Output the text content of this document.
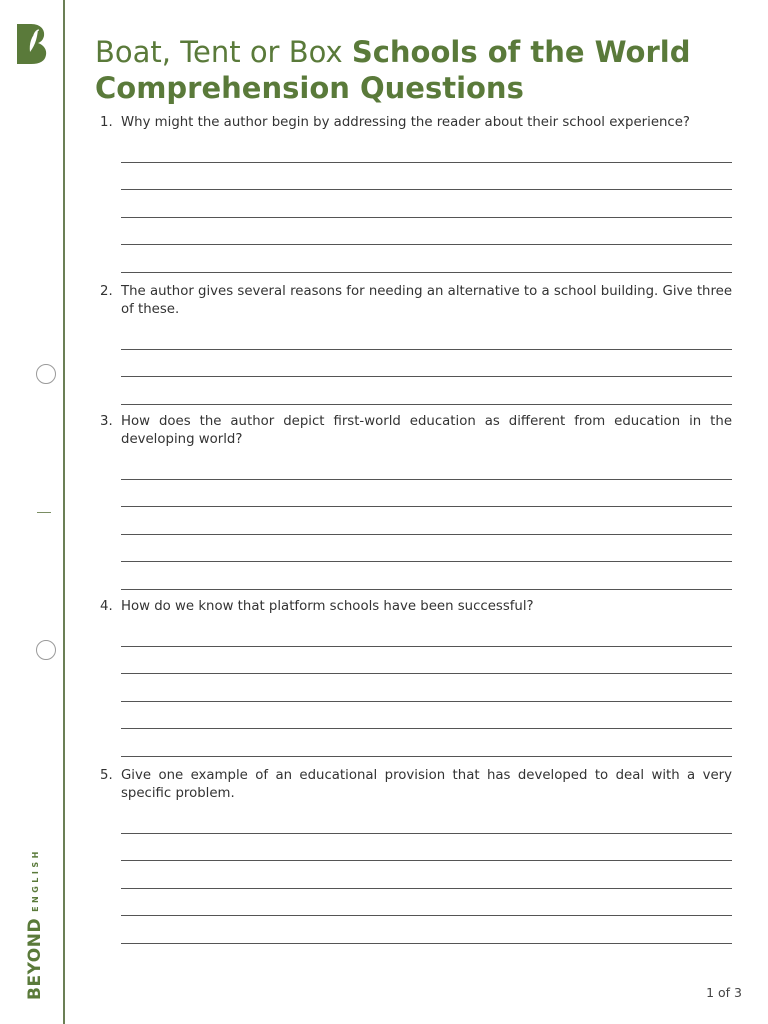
BEYOND
ENGLISH
Boat, Tent or Box Schools of the World
Comprehension Questions
1. Why might the author begin by addressing the reader about their school experience?
2. The author gives several reasons for needing an alternative to a school building. Give three of these.
3. How does the author depict first-world education as different from education in the developing world?
4. How do we know that platform schools have been successful?
5. Give one example of an educational provision that has developed to deal with a very specific problem.
1 of 3
